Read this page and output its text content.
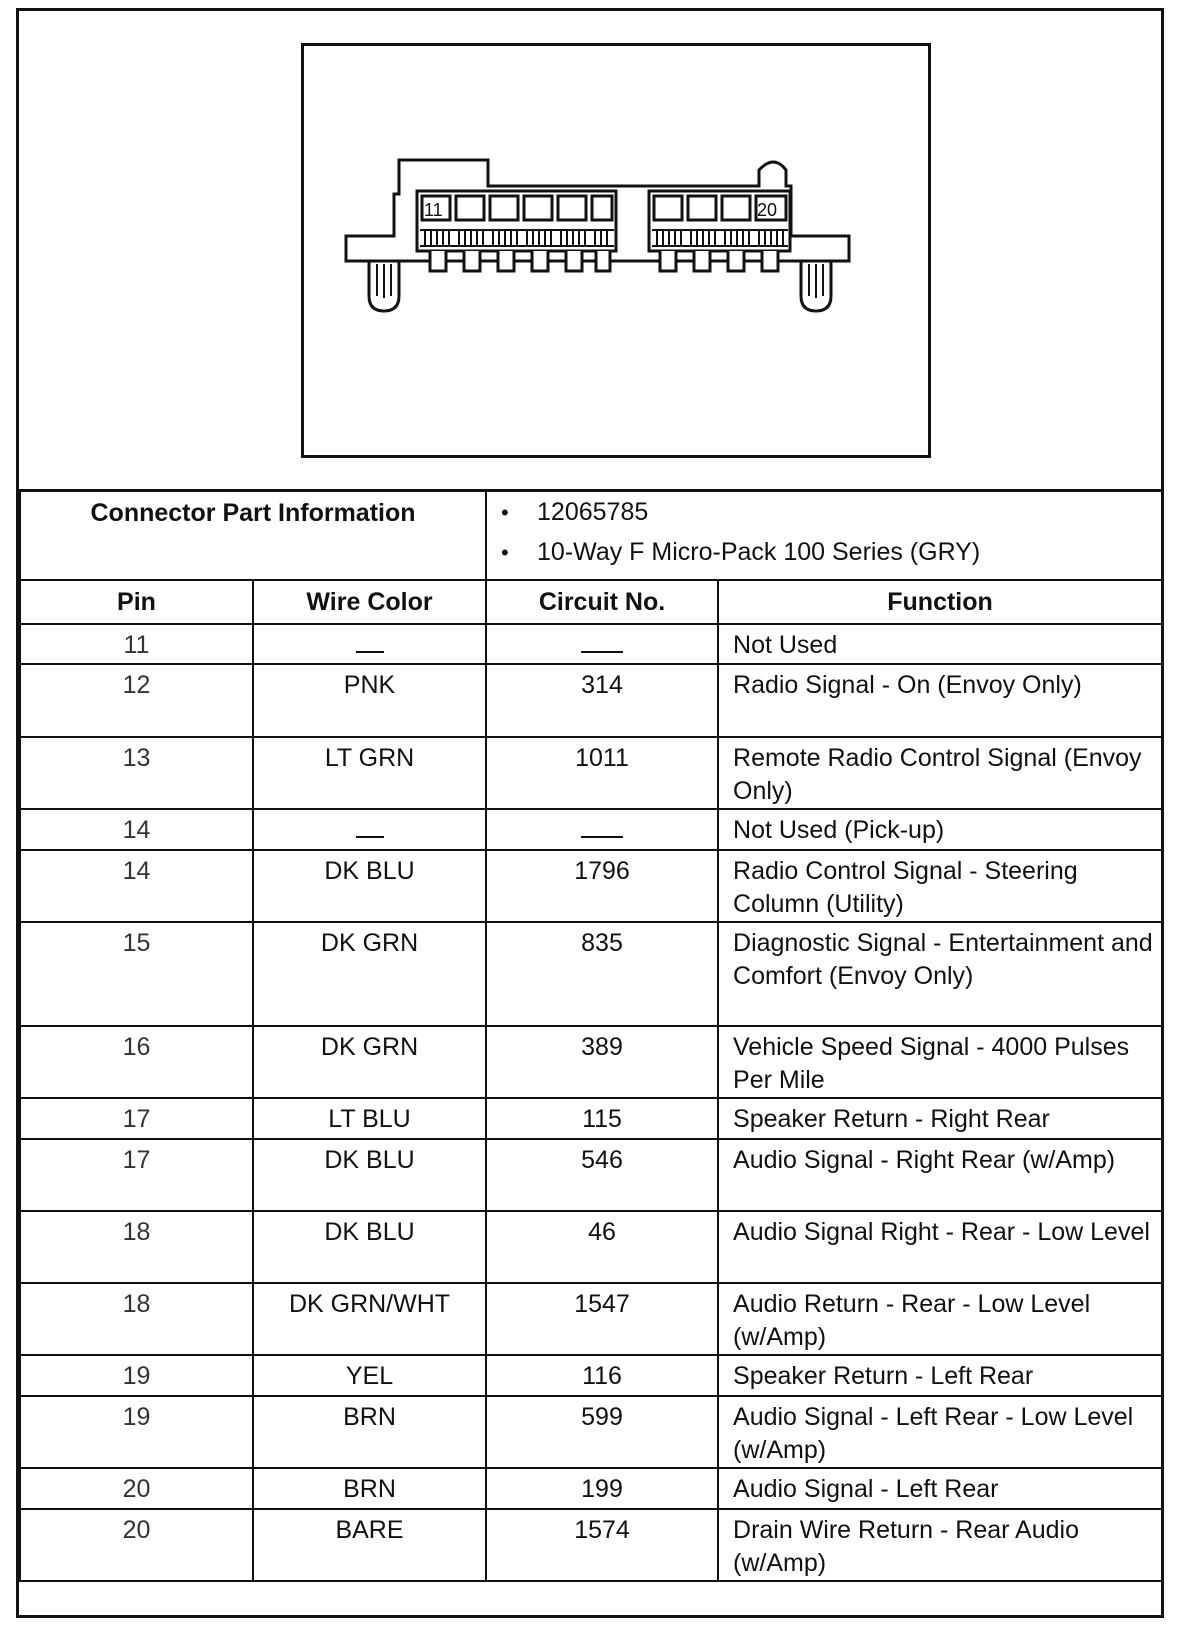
11	20
Connector Part Information		• 12065785
• 10-Way F Micro-Pack 100 Series (GRY)	

Pin	Wire Color	Circuit No.	Function
11			Not Used
12	PNK	314	Radio Signal - On (Envoy Only)
13	LT GRN	1011	Remote Radio Control Signal (Envoy Only)
14			Not Used (Pick-up)
14	DK BLU	1796	Radio Control Signal - Steering Column (Utility)
15	DK GRN	835	Diagnostic Signal - Entertainment and Comfort (Envoy Only)
16	DK GRN	389	Vehicle Speed Signal - 4000 Pulses Per Mile
17	LT BLU	115	Speaker Return - Right Rear
17	DK BLU	546	Audio Signal - Right Rear (w/Amp)
18	DK BLU	46	Audio Signal Right - Rear - Low Level
18	DK GRN/WHT	1547	Audio Return - Rear - Low Level (w/Amp)
19	YEL	116	Speaker Return - Left Rear
19	BRN	599	Audio Signal - Left Rear - Low Level (w/Amp)
20	BRN	199	Audio Signal - Left Rear
20	BARE	1574	Drain Wire Return - Rear Audio (w/Amp)
